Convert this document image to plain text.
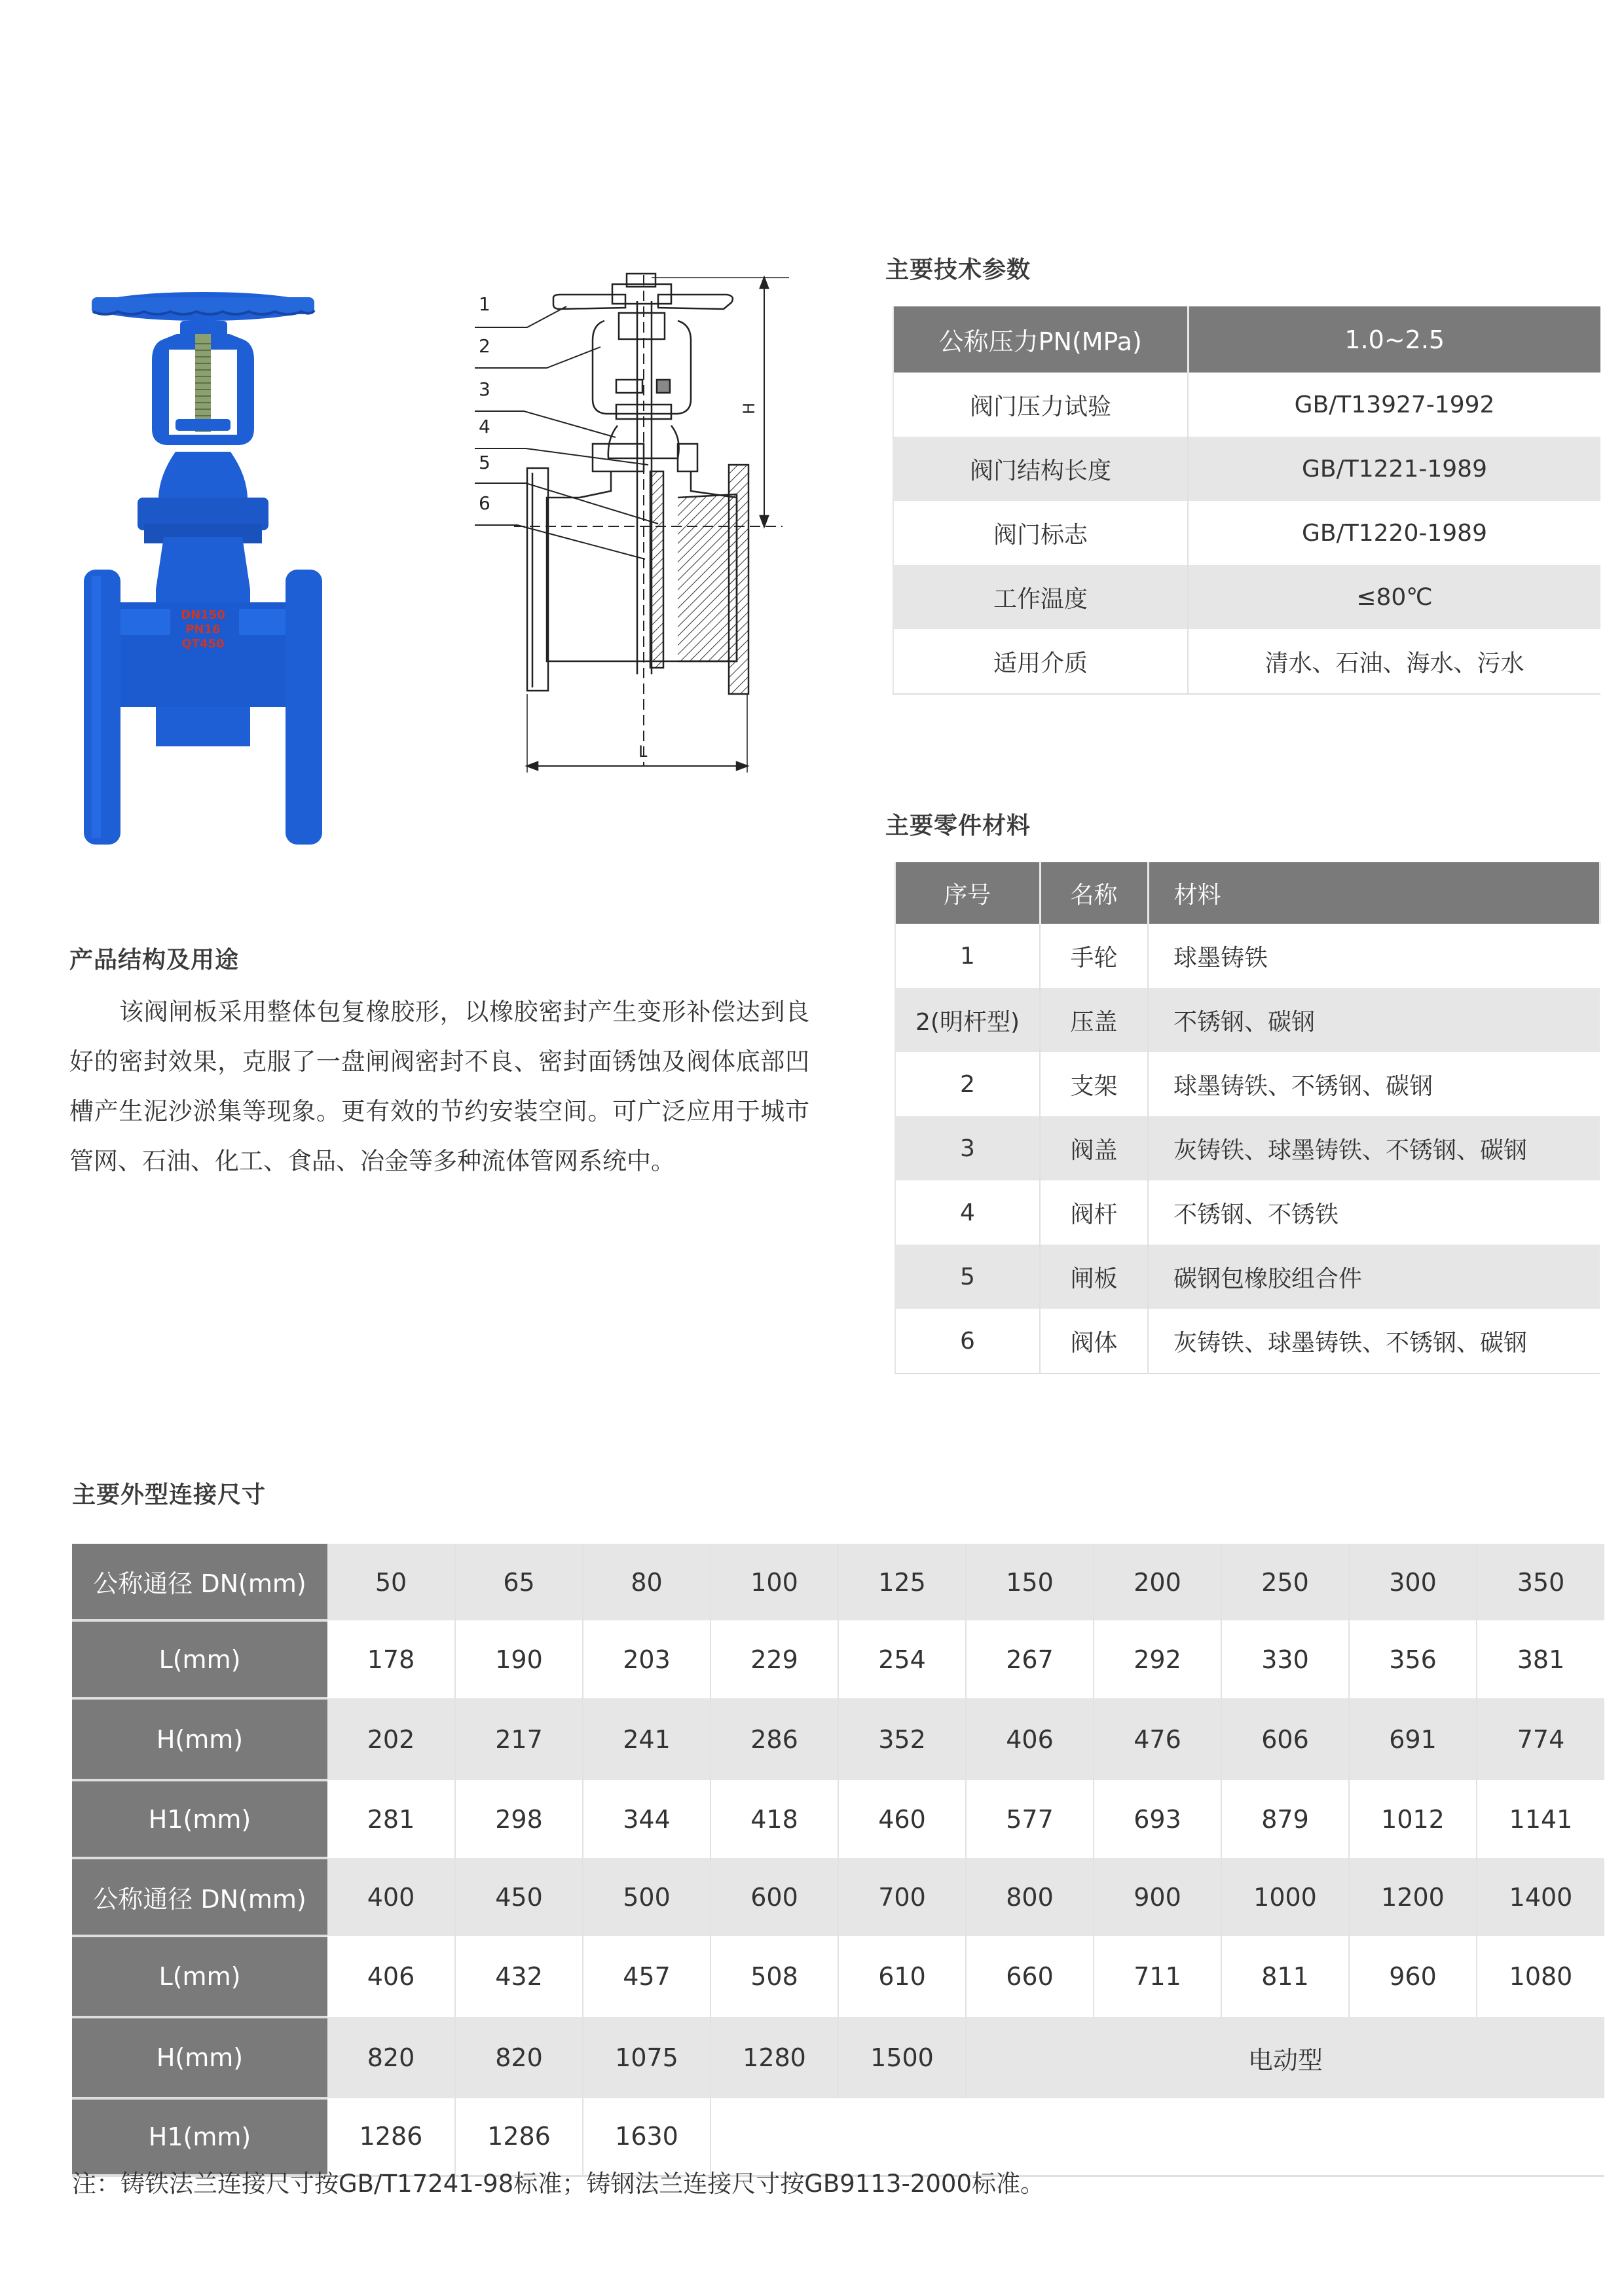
DN150
PN16
QT450
1
2
3
4
5
6
H
L
主要技术参数
公称压力PN(MPa)	1.0~2.5
阀门压力试验	GB/T13927-1992
阀门结构长度	GB/T1221-1989
阀门标志	GB/T1220-1989
工作温度	≤80℃
适用介质	清水、石油、海水、污水
主要零件材料
序号	名称	材料
1	手轮	球墨铸铁
2(明杆型)	压盖	不锈钢、碳钢
2	支架	球墨铸铁、不锈钢、碳钢
3	阀盖	灰铸铁、球墨铸铁、不锈钢、碳钢
4	阀杆	不锈钢、不锈铁
5	闸板	碳钢包橡胶组合件
6	阀体	灰铸铁、球墨铸铁、不锈钢、碳钢
产品结构及用途
该阀闸板采用整体包复橡胶形，以橡胶密封产生变形补偿达到良好的密封效果，克服了一盘闸阀密封不良、密封面锈蚀及阀体底部凹槽产生泥沙淤集等现象。更有效的节约安装空间。可广泛应用于城市管网、石油、化工、食品、冶金等多种流体管网系统中。
主要外型连接尺寸
公称通径 DN(mm)	50	65	80	100	125	150	200	250	300	350
L(mm)	178	190	203	229	254	267	292	330	356	381
H(mm)	202	217	241	286	352	406	476	606	691	774
H1(mm)	281	298	344	418	460	577	693	879	1012	1141
公称通径 DN(mm)	400	450	500	600	700	800	900	1000	1200	1400
L(mm)	406	432	457	508	610	660	711	811	960	1080
H(mm)	820	820	1075	1280	1500	电动型				
H1(mm)	1286	1286	1630							
注：铸铁法兰连接尺寸按GB/T17241-98标准；铸钢法兰连接尺寸按GB9113-2000标准。
